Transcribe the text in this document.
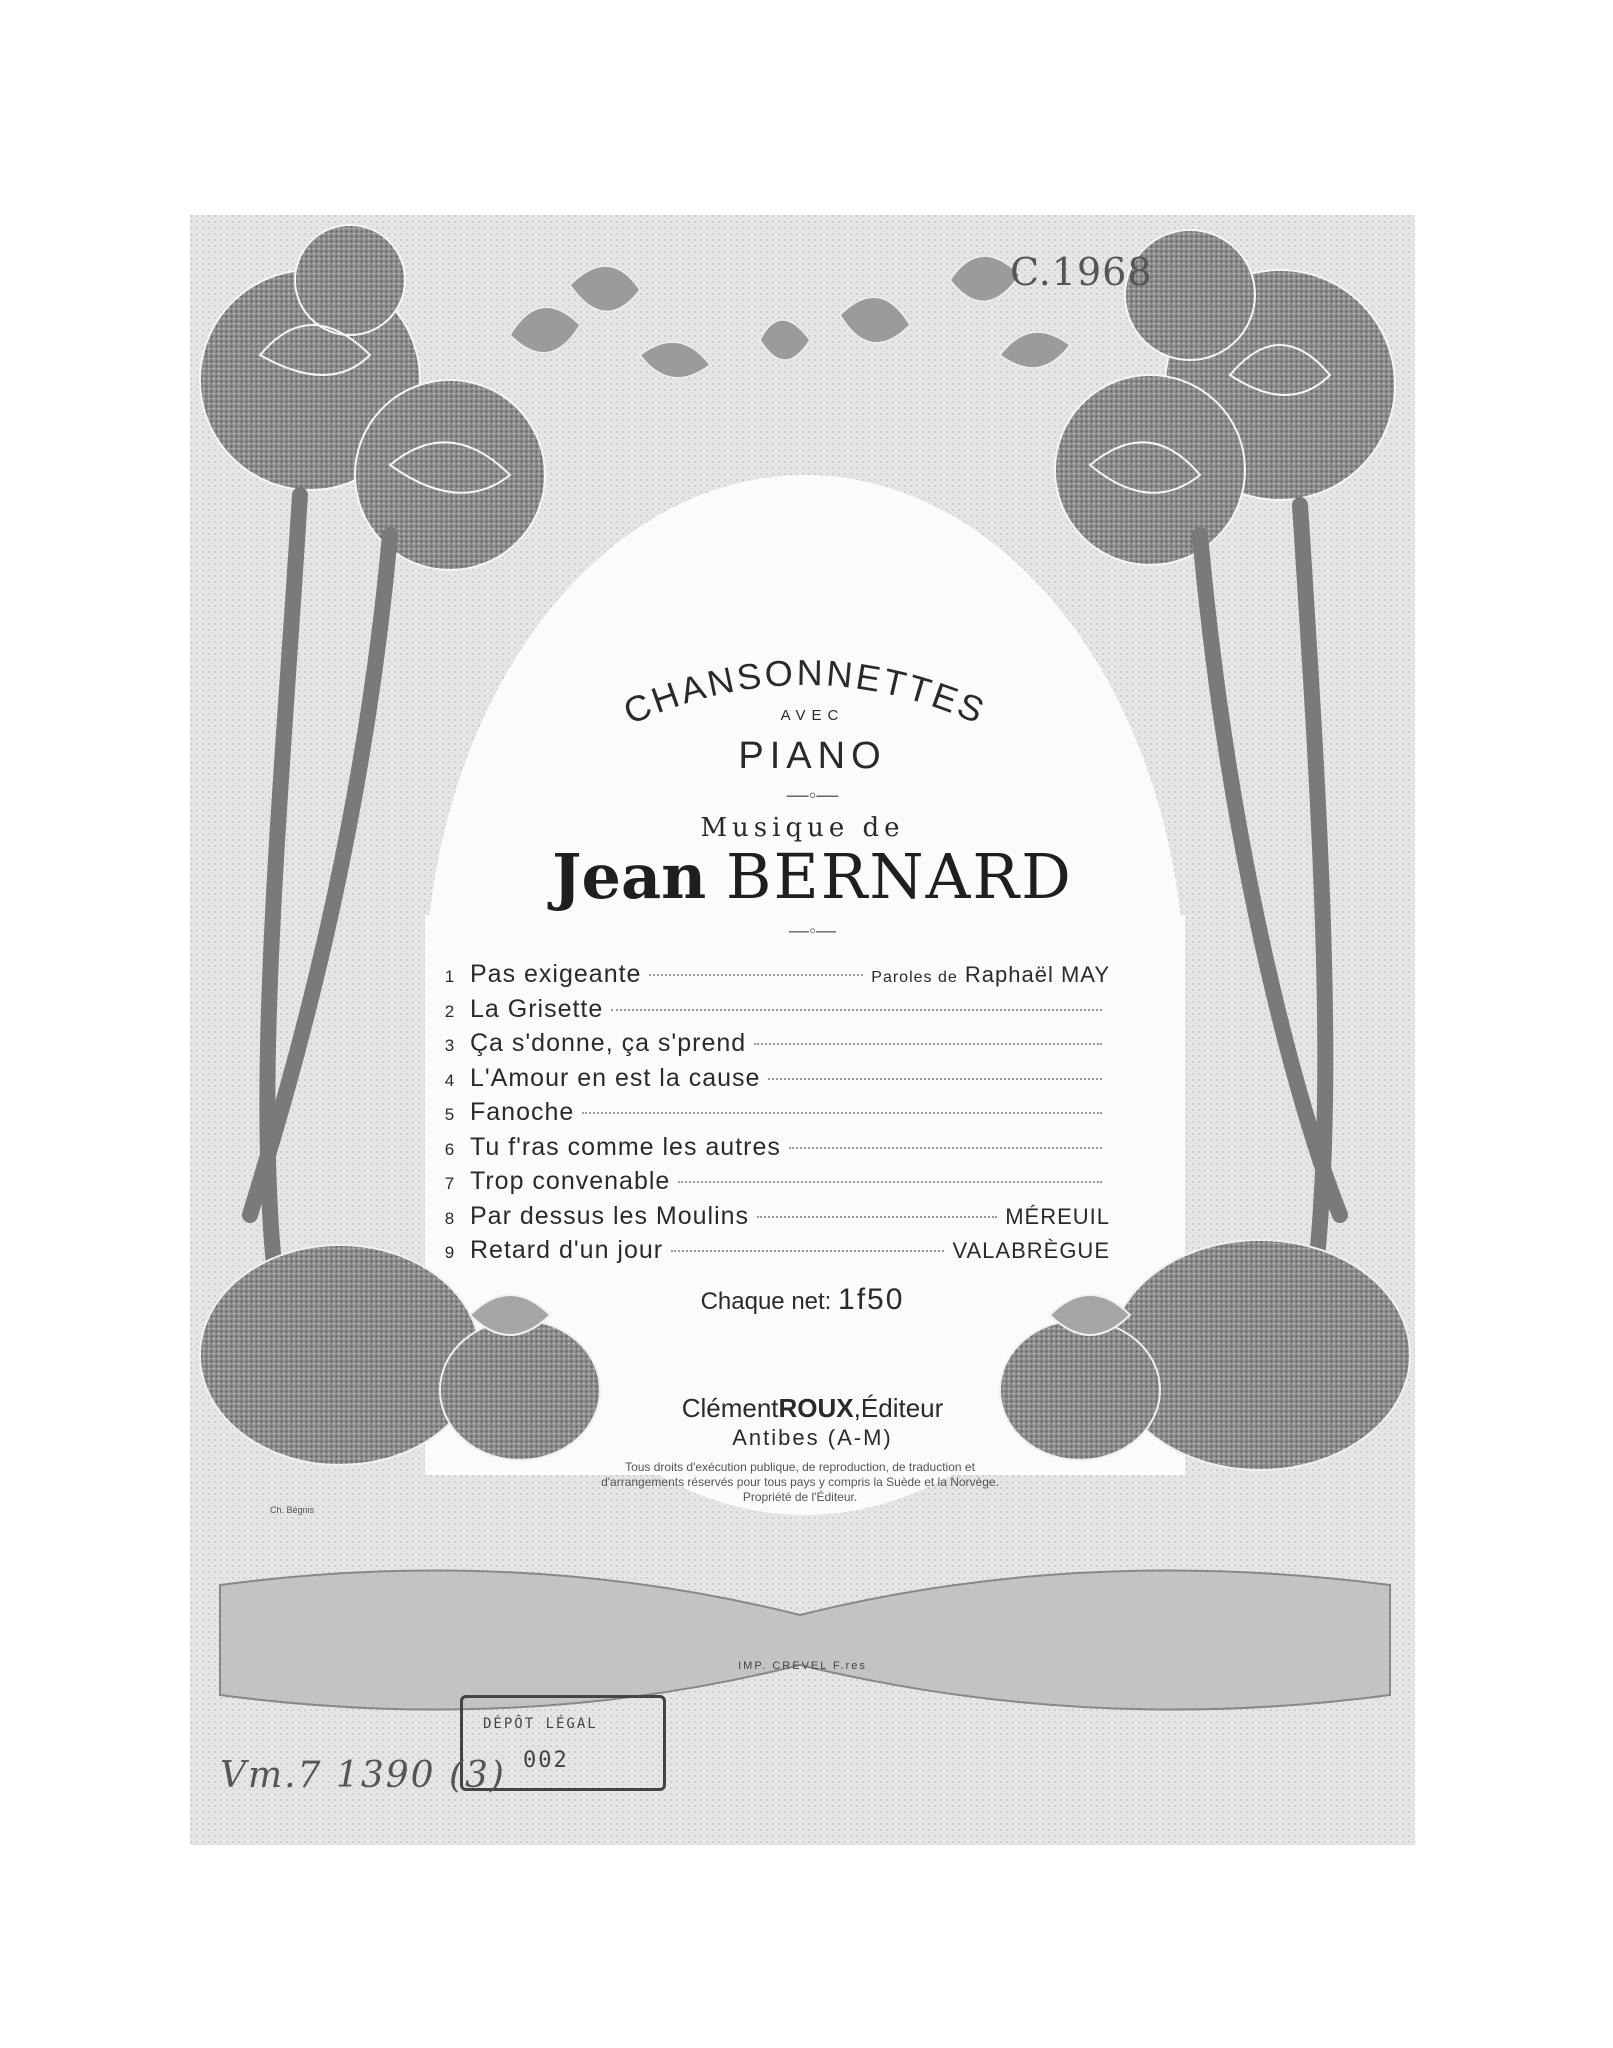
CHANSONNETTES
C.1968
AVEC
PIANO
—◦—
Musique de
Jean BERNARD
—◦—
1 Pas exigeante	Paroles de Raphaël MAY
2 La Grisette
3 Ça s'donne, ça s'prend
4 L'Amour en est la cause
5 Fanoche
6 Tu f'ras comme les autres
7 Trop convenable
8 Par dessus les Moulins	MÉREUIL
9 Retard d'un jour	VALABRÈGUE
Chaque net: 1f50
ClémentROUX,Éditeur
Antibes (A-M)
Tous droits d'exécution publique, de reproduction, de traduction et d'arrangements réservés pour tous pays y compris la Suède et la Norvège. Propriété de l'Éditeur.
Ch. Bégnis
IMP. CREVEL F.res
DÉPÔT LÉGAL
002
Vm.7 1390 (3)
